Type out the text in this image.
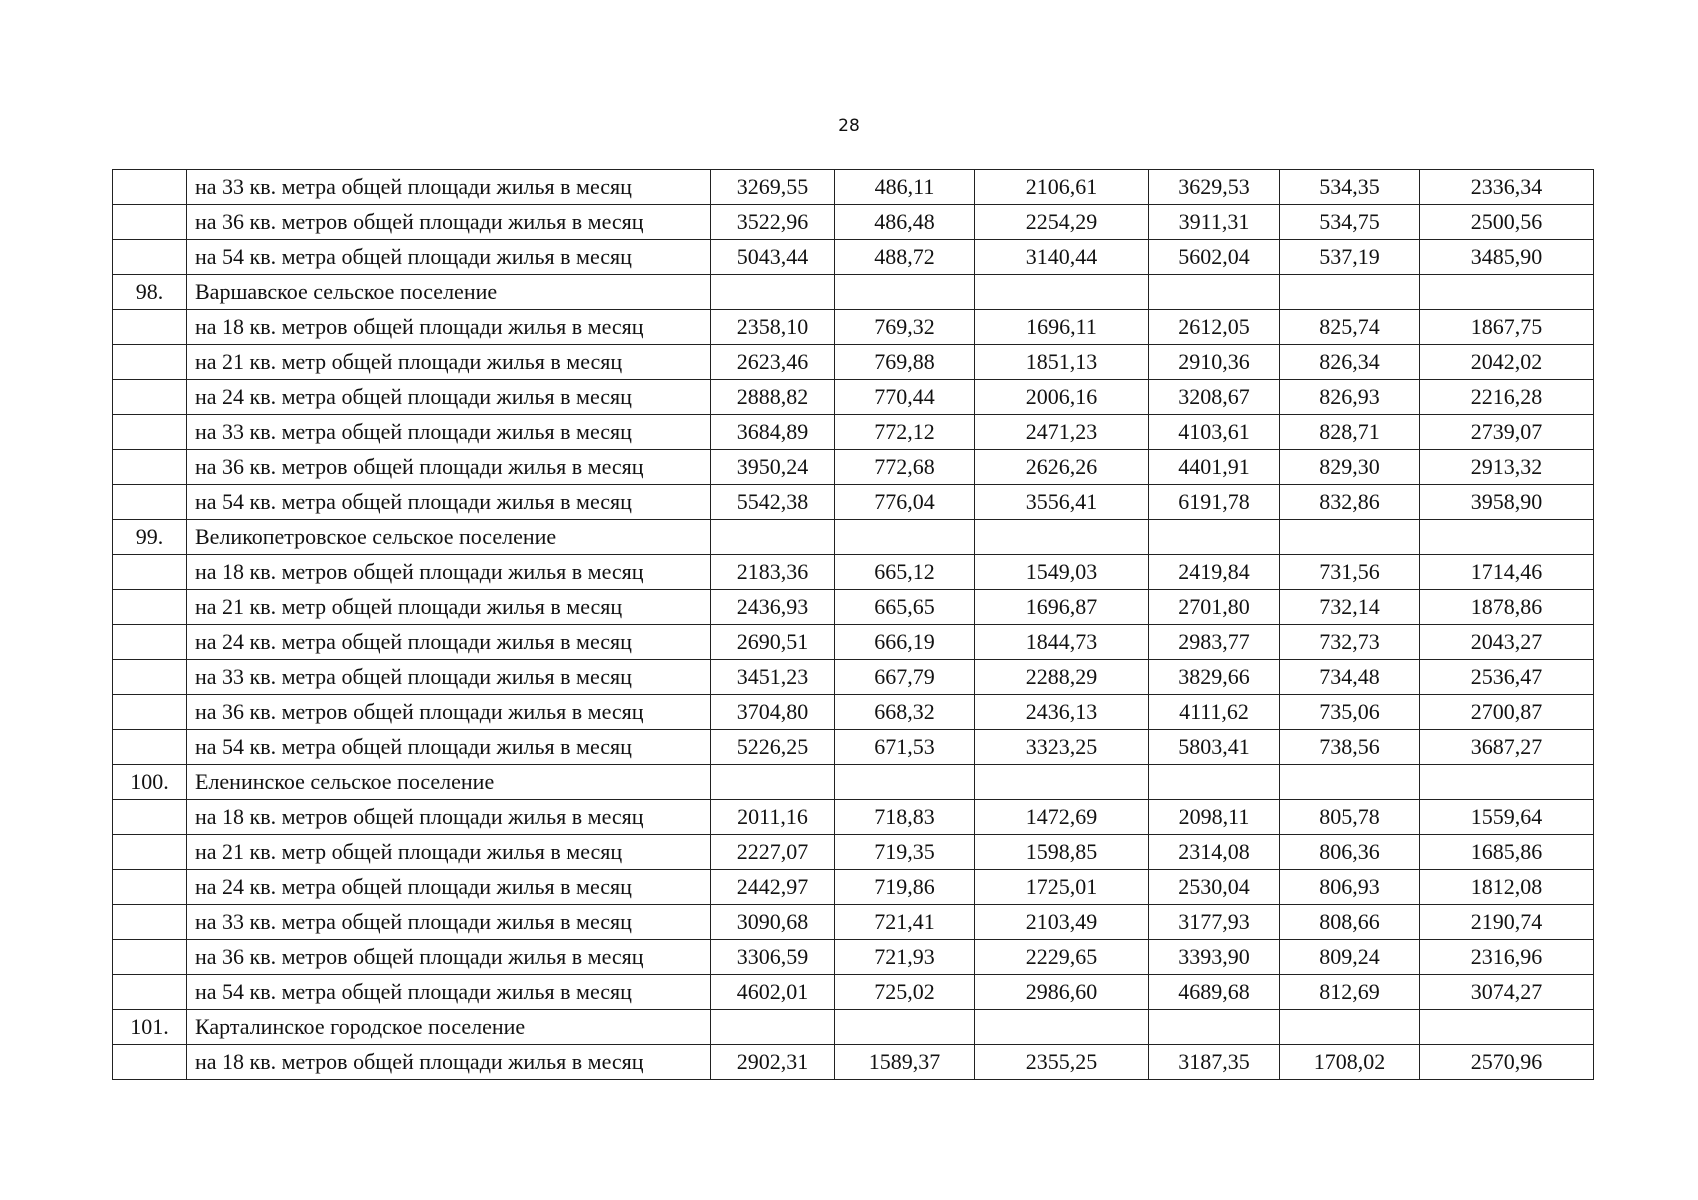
28
	на 33 кв. метра общей площади жилья в месяц	3269,55	486,11	2106,61	3629,53	534,35	2336,34
	на 36 кв. метров общей площади жилья в месяц	3522,96	486,48	2254,29	3911,31	534,75	2500,56
	на 54 кв. метра общей площади жилья в месяц	5043,44	488,72	3140,44	5602,04	537,19	3485,90
98.	Варшавское сельское поселение						
	на 18 кв. метров общей площади жилья в месяц	2358,10	769,32	1696,11	2612,05	825,74	1867,75
	на 21 кв. метр общей площади жилья в месяц	2623,46	769,88	1851,13	2910,36	826,34	2042,02
	на 24 кв. метра общей площади жилья в месяц	2888,82	770,44	2006,16	3208,67	826,93	2216,28
	на 33 кв. метра общей площади жилья в месяц	3684,89	772,12	2471,23	4103,61	828,71	2739,07
	на 36 кв. метров общей площади жилья в месяц	3950,24	772,68	2626,26	4401,91	829,30	2913,32
	на 54 кв. метра общей площади жилья в месяц	5542,38	776,04	3556,41	6191,78	832,86	3958,90
99.	Великопетровское сельское поселение						
	на 18 кв. метров общей площади жилья в месяц	2183,36	665,12	1549,03	2419,84	731,56	1714,46
	на 21 кв. метр общей площади жилья в месяц	2436,93	665,65	1696,87	2701,80	732,14	1878,86
	на 24 кв. метра общей площади жилья в месяц	2690,51	666,19	1844,73	2983,77	732,73	2043,27
	на 33 кв. метра общей площади жилья в месяц	3451,23	667,79	2288,29	3829,66	734,48	2536,47
	на 36 кв. метров общей площади жилья в месяц	3704,80	668,32	2436,13	4111,62	735,06	2700,87
	на 54 кв. метра общей площади жилья в месяц	5226,25	671,53	3323,25	5803,41	738,56	3687,27
100.	Еленинское сельское поселение						
	на 18 кв. метров общей площади жилья в месяц	2011,16	718,83	1472,69	2098,11	805,78	1559,64
	на 21 кв. метр общей площади жилья в месяц	2227,07	719,35	1598,85	2314,08	806,36	1685,86
	на 24 кв. метра общей площади жилья в месяц	2442,97	719,86	1725,01	2530,04	806,93	1812,08
	на 33 кв. метра общей площади жилья в месяц	3090,68	721,41	2103,49	3177,93	808,66	2190,74
	на 36 кв. метров общей площади жилья в месяц	3306,59	721,93	2229,65	3393,90	809,24	2316,96
	на 54 кв. метра общей площади жилья в месяц	4602,01	725,02	2986,60	4689,68	812,69	3074,27
101.	Карталинское городское поселение						
	на 18 кв. метров общей площади жилья в месяц	2902,31	1589,37	2355,25	3187,35	1708,02	2570,96
